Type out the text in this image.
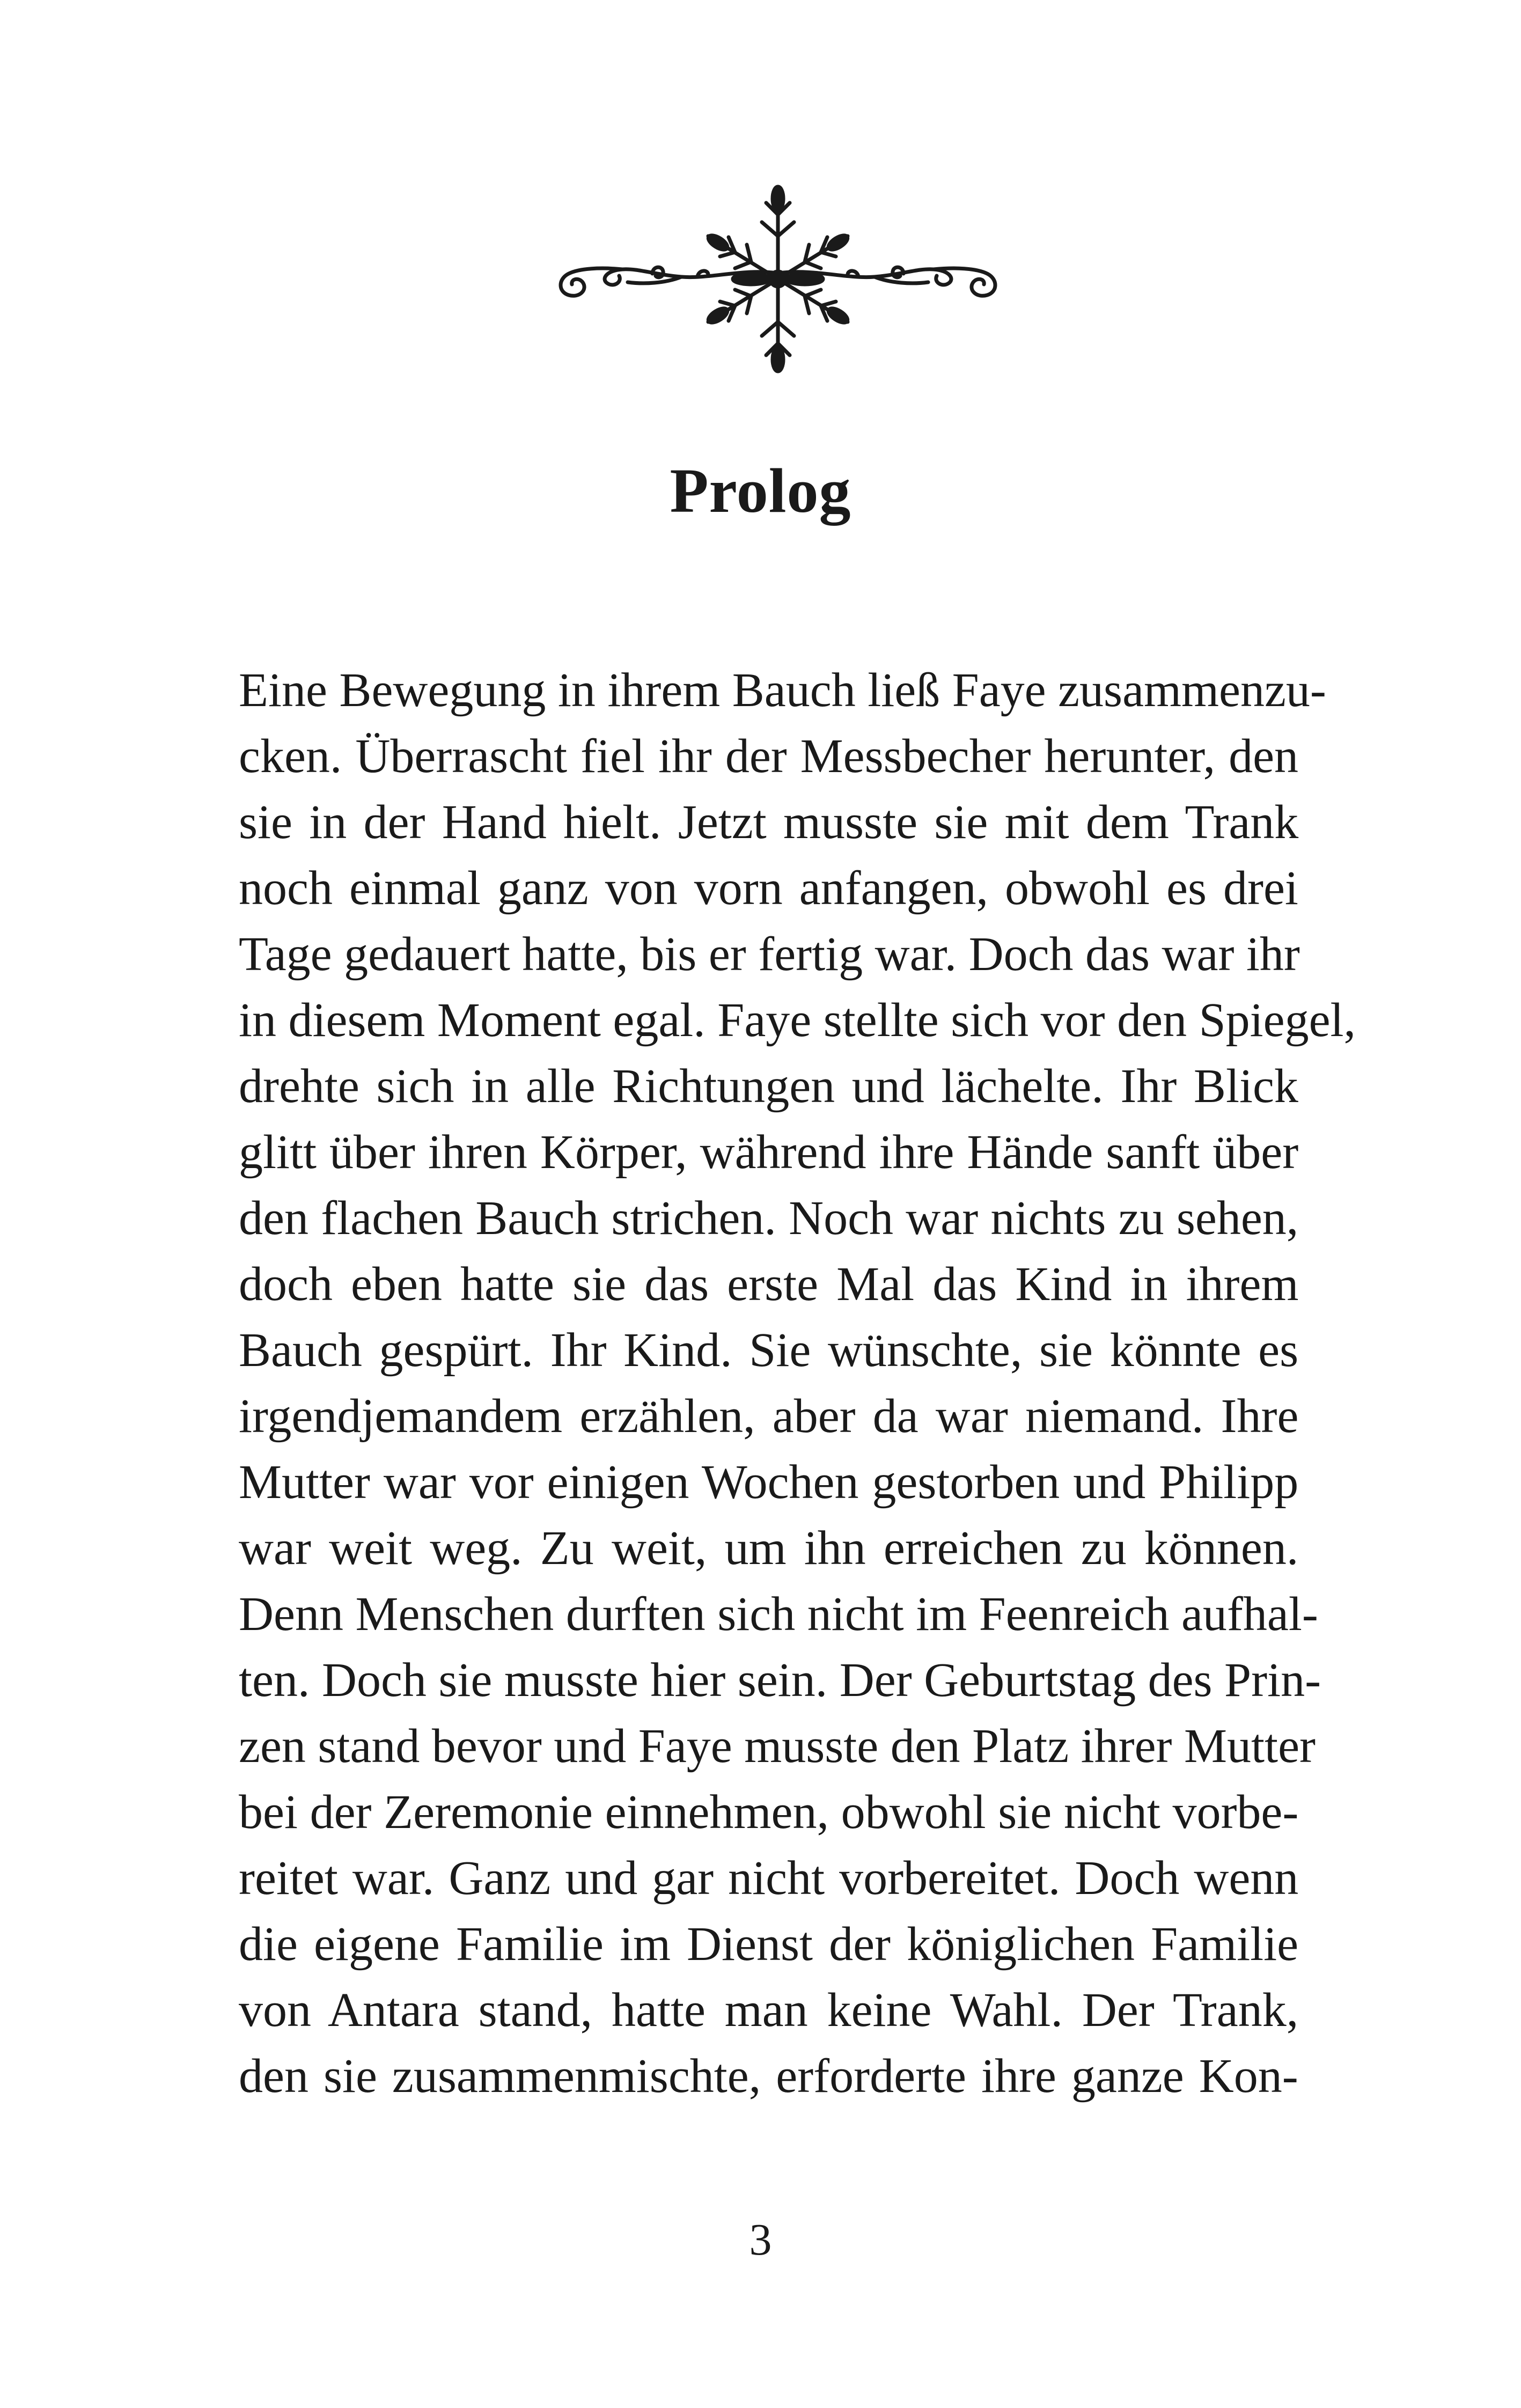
Prolog
Eine Bewegung in ihrem Bauch ließ Faye zusammenzu-
cken. Überrascht fiel ihr der Messbecher herunter, den
sie in der Hand hielt. Jetzt musste sie mit dem Trank
noch einmal ganz von vorn anfangen, obwohl es drei
Tage gedauert hatte, bis er fertig war. Doch das war ihr
in diesem Moment egal. Faye stellte sich vor den Spiegel,
drehte sich in alle Richtungen und lächelte. Ihr Blick
glitt über ihren Körper, während ihre Hände sanft über
den flachen Bauch strichen. Noch war nichts zu sehen,
doch eben hatte sie das erste Mal das Kind in ihrem
Bauch gespürt. Ihr Kind. Sie wünschte, sie könnte es
irgendjemandem erzählen, aber da war niemand. Ihre
Mutter war vor einigen Wochen gestorben und Philipp
war weit weg. Zu weit, um ihn erreichen zu können.
Denn Menschen durften sich nicht im Feenreich aufhal-
ten. Doch sie musste hier sein. Der Geburtstag des Prin-
zen stand bevor und Faye musste den Platz ihrer Mutter
bei der Zeremonie einnehmen, obwohl sie nicht vorbe-
reitet war. Ganz und gar nicht vorbereitet. Doch wenn
die eigene Familie im Dienst der königlichen Familie
von Antara stand, hatte man keine Wahl. Der Trank,
den sie zusammenmischte, erforderte ihre ganze Kon-
3
